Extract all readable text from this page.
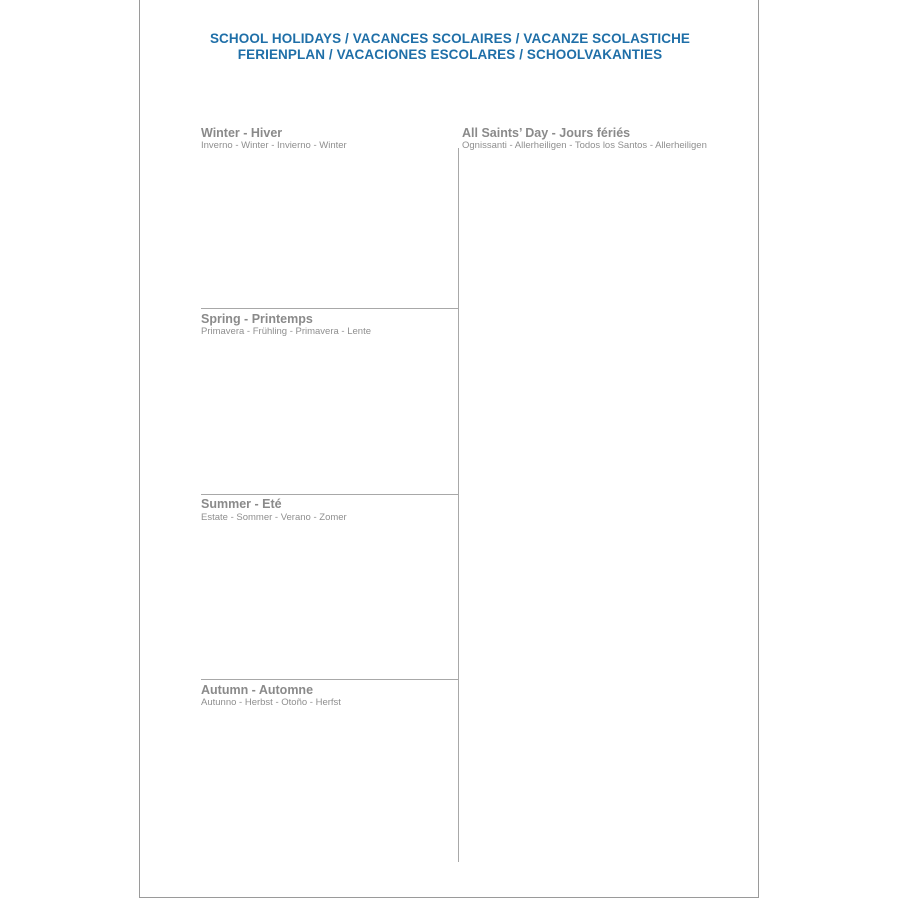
SCHOOL HOLIDAYS / VACANCES SCOLAIRES / VACANZE SCOLASTICHE
FERIENPLAN / VACACIONES ESCOLARES / SCHOOLVAKANTIES
Winter - Hiver
Inverno - Winter - Invierno - Winter
Spring - Printemps
Primavera - Frühling - Primavera - Lente
Summer - Eté
Estate - Sommer - Verano - Zomer
Autumn - Automne
Autunno - Herbst - Otoño - Herfst
All Saints’ Day - Jours fériés
Ognissanti - Allerheiligen - Todos los Santos - Allerheiligen
